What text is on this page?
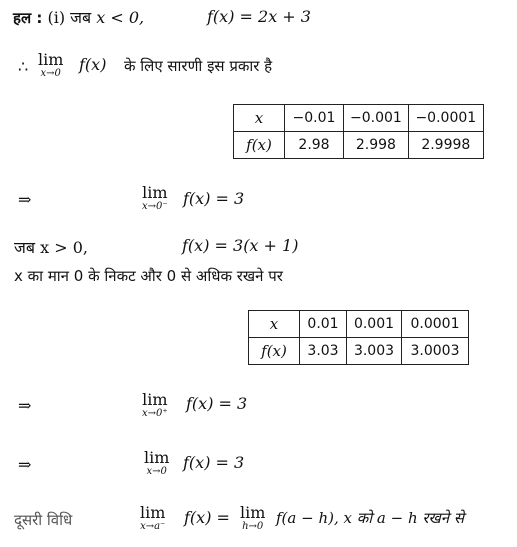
हल : (i) जब x < 0,	f(x) = 2x + 3
∴ lim
x→0 f(x) के लिए सारणी इस प्रकार है
x	−0.01	−0.001	−0.0001
f(x)	2.98	2.998	2.9998
⇒	lim
x→0⁻ f(x) = 3
जब x > 0,	f(x) = 3(x + 1)
x का मान 0 के निकट और 0 से अधिक रखने पर
x	0.01	0.001	0.0001
f(x)	3.03	3.003	3.0003
⇒	lim
x→0⁺
f(x) = 3
⇒	lim
x→0 f(x) = 3
दूसरी विधि	lim
x→a⁻ f(x) = lim
h→0 f(a − h), x को a − h रखने से
